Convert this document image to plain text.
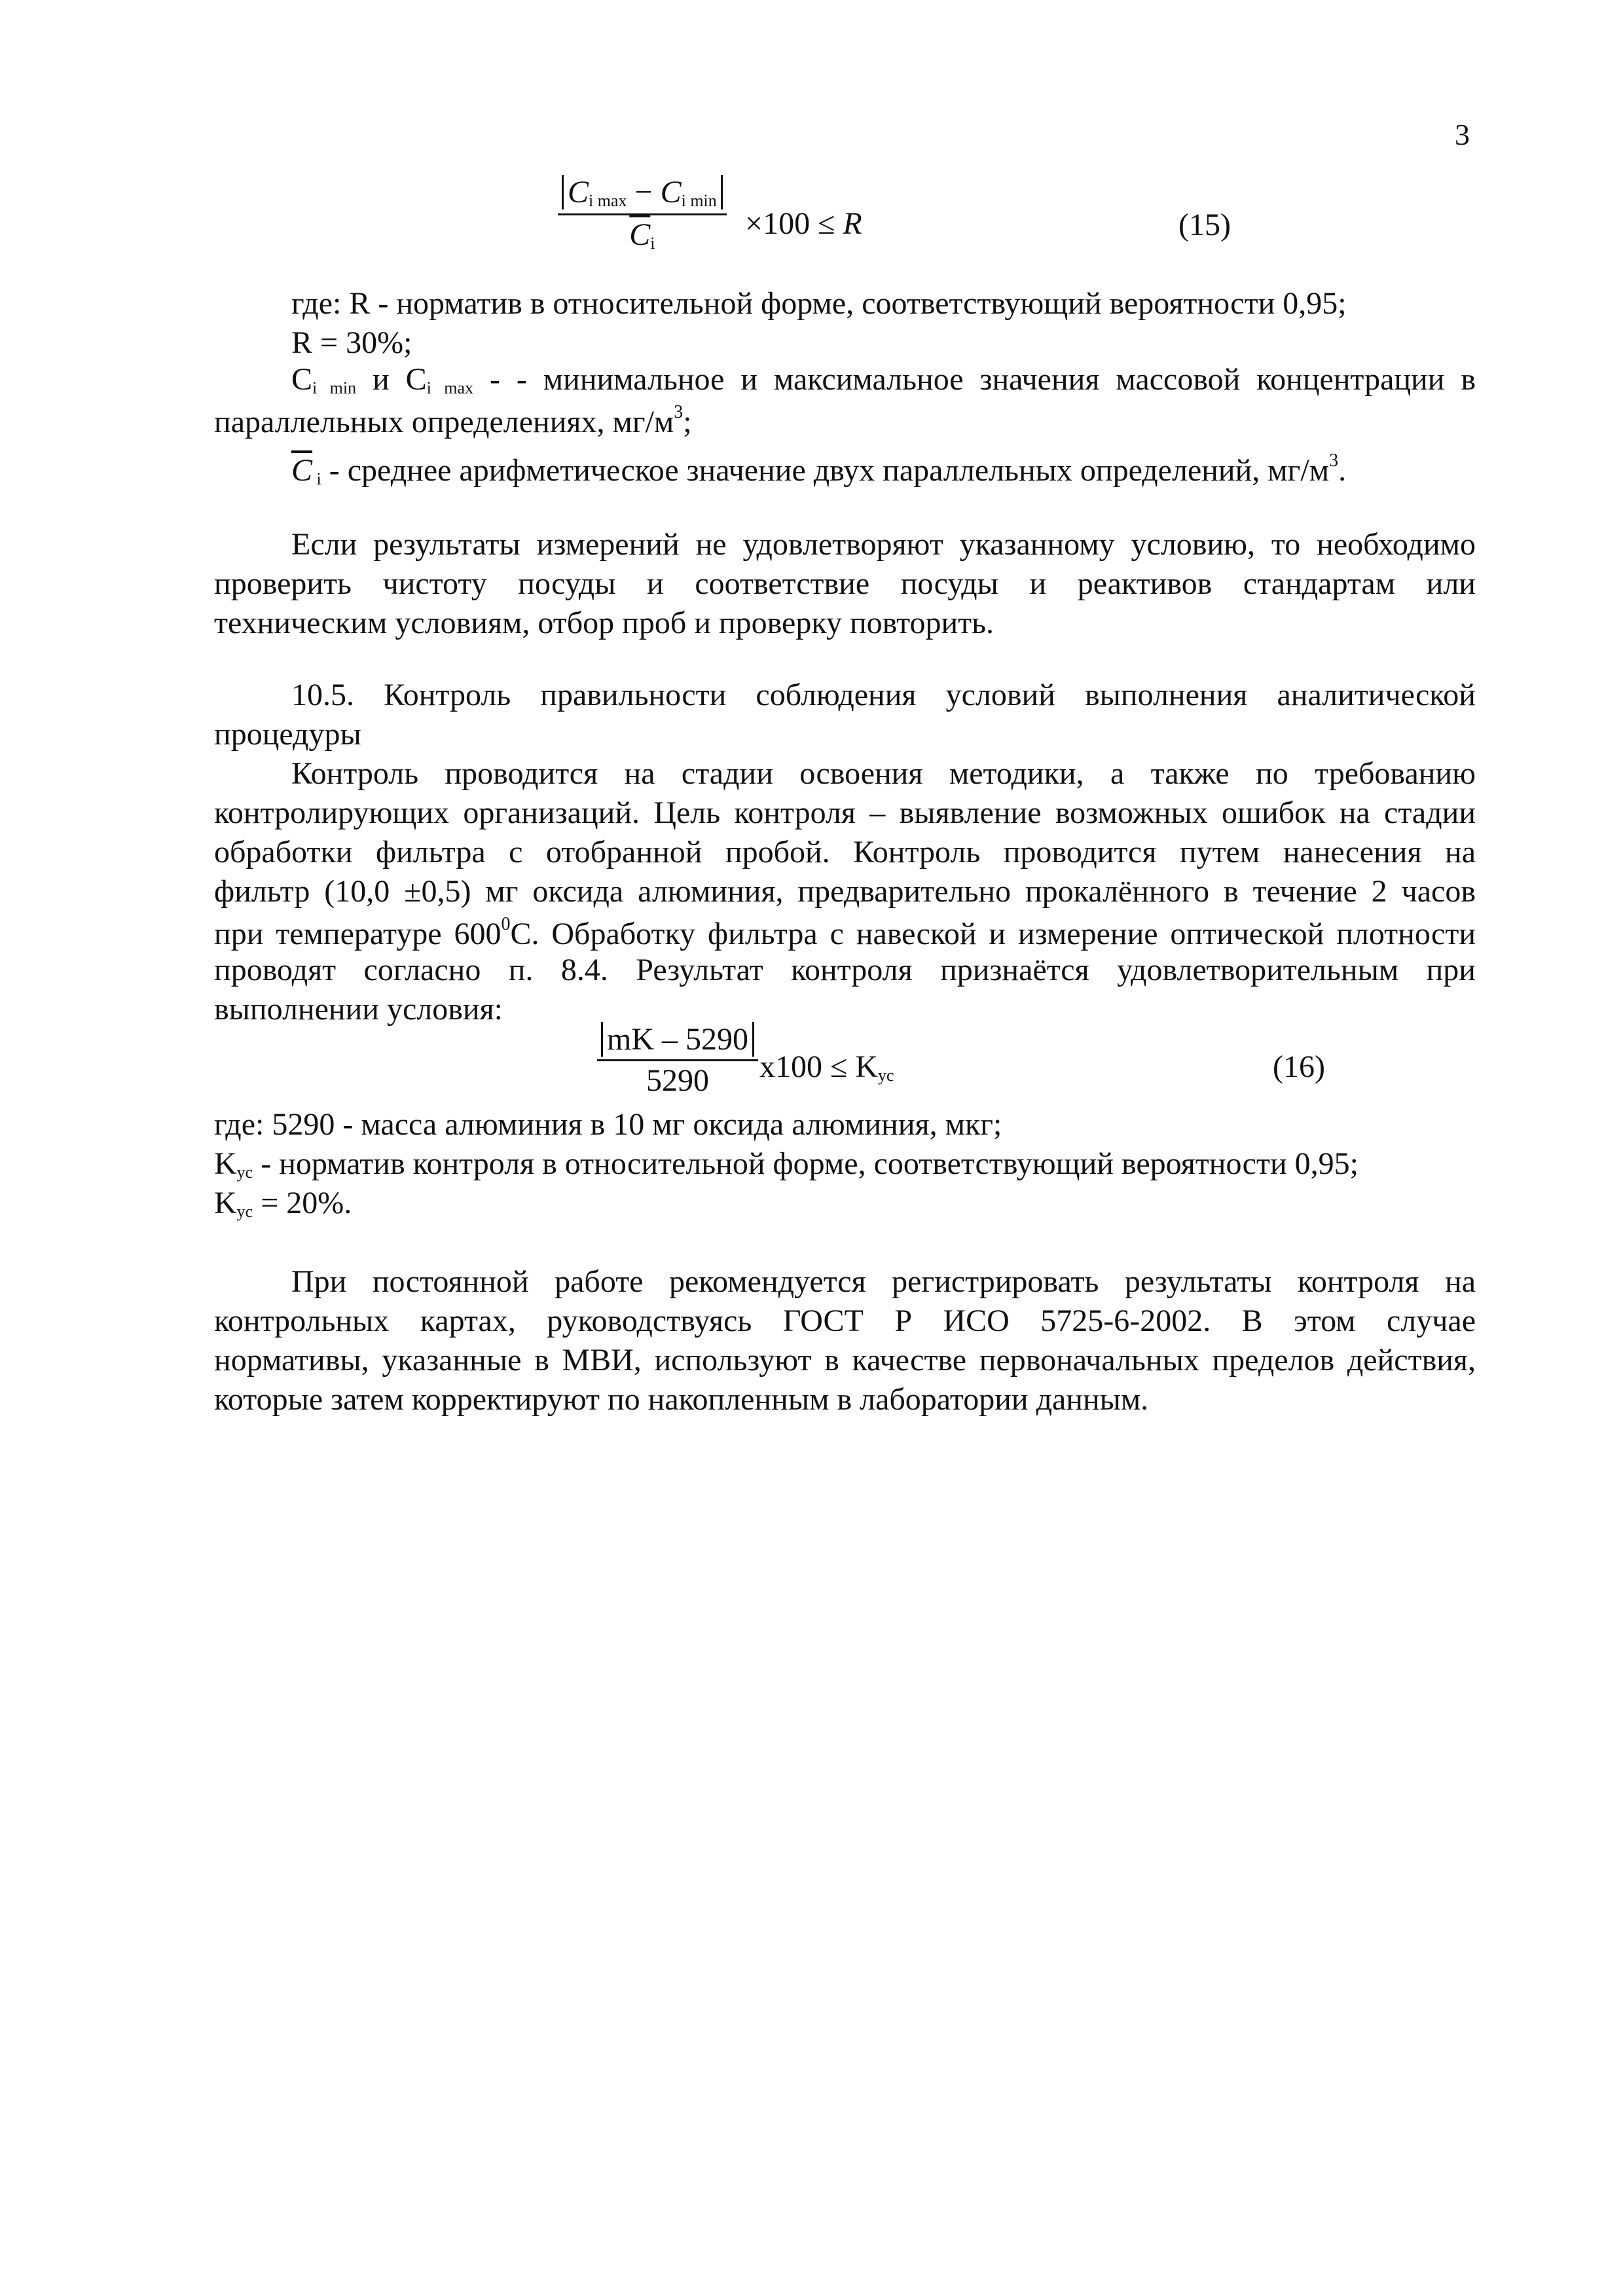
3
$C_{i max} - C_{i min}$
$\overline{C}_i$
×100 ≤ R	(15)
где: R - норматив в относительной форме, соответствующий вероятности 0,95;
R = 30%;
$C_{i min}$ и $C_{i max}$ - - минимальное и максимальное значения массовой концентрации в
параллельных определениях, $мг/м^3$;
$\overline{C}$ $_i$ - среднее арифметическое значение двух параллельных определений, $мг/м^3$.
Если результаты измерений не удовлетворяют указанному условию, то необходимо
проверить чистоту посуды и соответствие посуды и реактивов стандартам или
техническим условиям, отбор проб и проверку повторить.
10.5. Контроль правильности соблюдения условий выполнения аналитической
процедуры
Контроль проводится на стадии освоения методики, а также по требованию
контролирующих организаций. Цель контроля – выявление возможных ошибок на стадии
обработки фильтра с отобранной пробой. Контроль проводится путем нанесения на
фильтр (10,0 ±0,5) мг оксида алюминия, предварительно прокалённого в течение 2 часов
при температуре $600^0С$. Обработку фильтра с навеской и измерение оптической плотности
проводят согласно п. 8.4. Результат контроля признаётся удовлетворительным при
выполнении условия:
$\frac{mK - 5290}{5290} x100 \le K_{ус}$	(16)
где: 5290 - масса алюминия в 10 мг оксида алюминия, мкг;
$K_{ус}$ - норматив контроля в относительной форме, соответствующий вероятности 0,95;
$K_{ус} = 20\%$.
При постоянной работе рекомендуется регистрировать результаты контроля на
контрольных картах, руководствуясь ГОСТ Р ИСО 5725-6-2002. В этом случае
нормативы, указанные в МВИ, используют в качестве первоначальных пределов действия,
которые затем корректируют по накопленным в лаборатории данным.
